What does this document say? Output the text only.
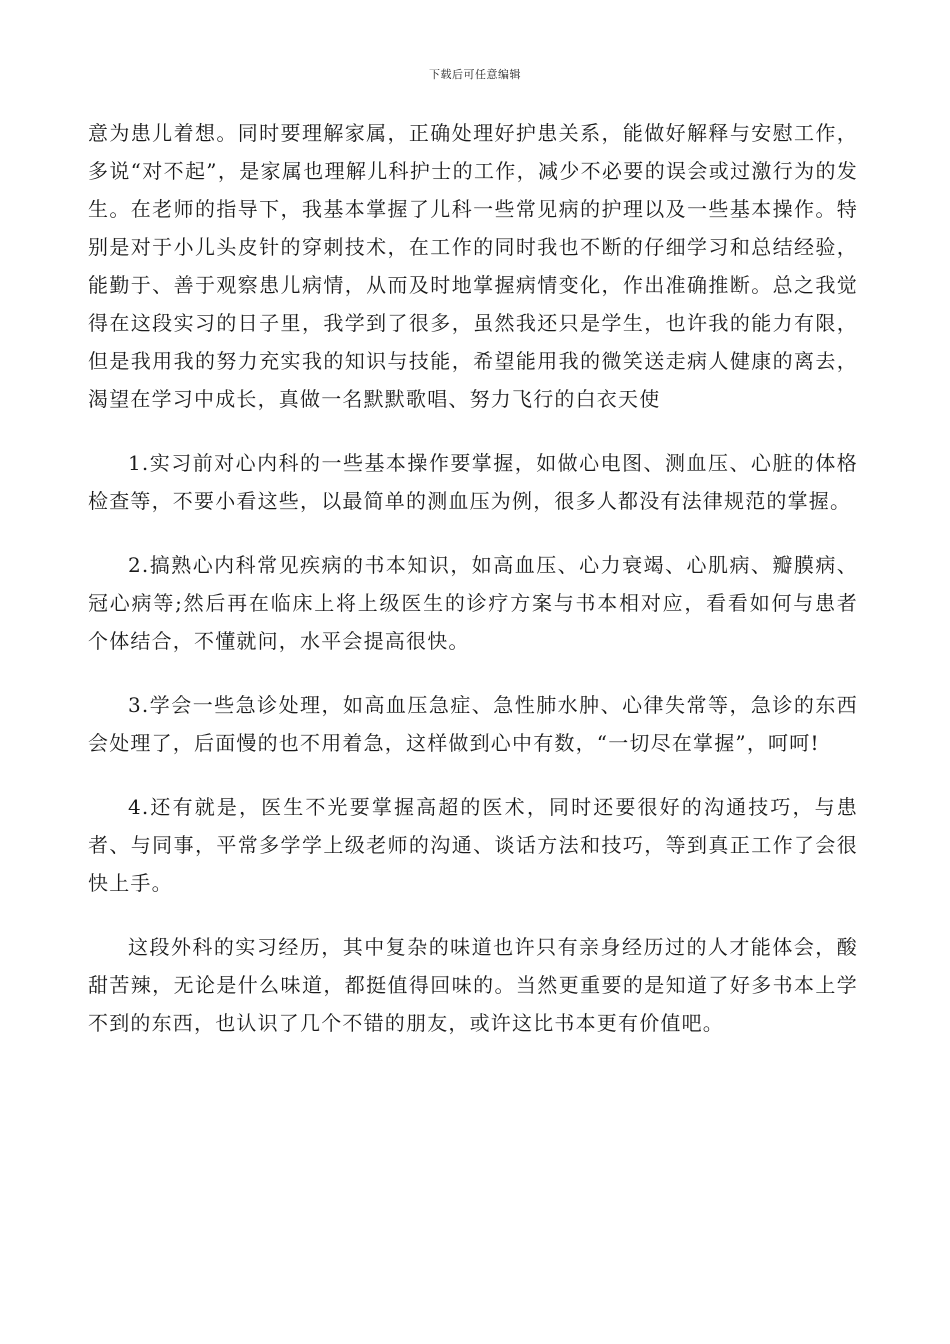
下载后可任意编辑

意为患儿着想。同时要理解家属，正确处理好护患关系，能做好解释与安慰工作，多说“对不起”，是家属也理解儿科护士的工作，减少不必要的误会或过激行为的发生。在老师的指导下，我基本掌握了儿科一些常见病的护理以及一些基本操作。特别是对于小儿头皮针的穿刺技术，在工作的同时我也不断的仔细学习和总结经验，能勤于、善于观察患儿病情，从而及时地掌握病情变化，作出准确推断。总之我觉得在这段实习的日子里，我学到了很多，虽然我还只是学生，也许我的能力有限，但是我用我的努力充实我的知识与技能，希望能用我的微笑送走病人健康的离去，渴望在学习中成长，真做一名默默歌唱、努力飞行的白衣天使

1.实习前对心内科的一些基本操作要掌握，如做心电图、测血压、心脏的体格检查等，不要小看这些，以最简单的测血压为例，很多人都没有法律规范的掌握。

2.搞熟心内科常见疾病的书本知识，如高血压、心力衰竭、心肌病、瓣膜病、冠心病等;然后再在临床上将上级医生的诊疗方案与书本相对应，看看如何与患者个体结合，不懂就问，水平会提高很快。

3.学会一些急诊处理，如高血压急症、急性肺水肿、心律失常等，急诊的东西会处理了，后面慢的也不用着急，这样做到心中有数，“一切尽在掌握”，呵呵!

4.还有就是，医生不光要掌握高超的医术，同时还要很好的沟通技巧，与患者、与同事，平常多学学上级老师的沟通、谈话方法和技巧，等到真正工作了会很快上手。

这段外科的实习经历，其中复杂的味道也许只有亲身经历过的人才能体会，酸甜苦辣，无论是什么味道，都挺值得回味的。当然更重要的是知道了好多书本上学不到的东西，也认识了几个不错的朋友，或许这比书本更有价值吧。
